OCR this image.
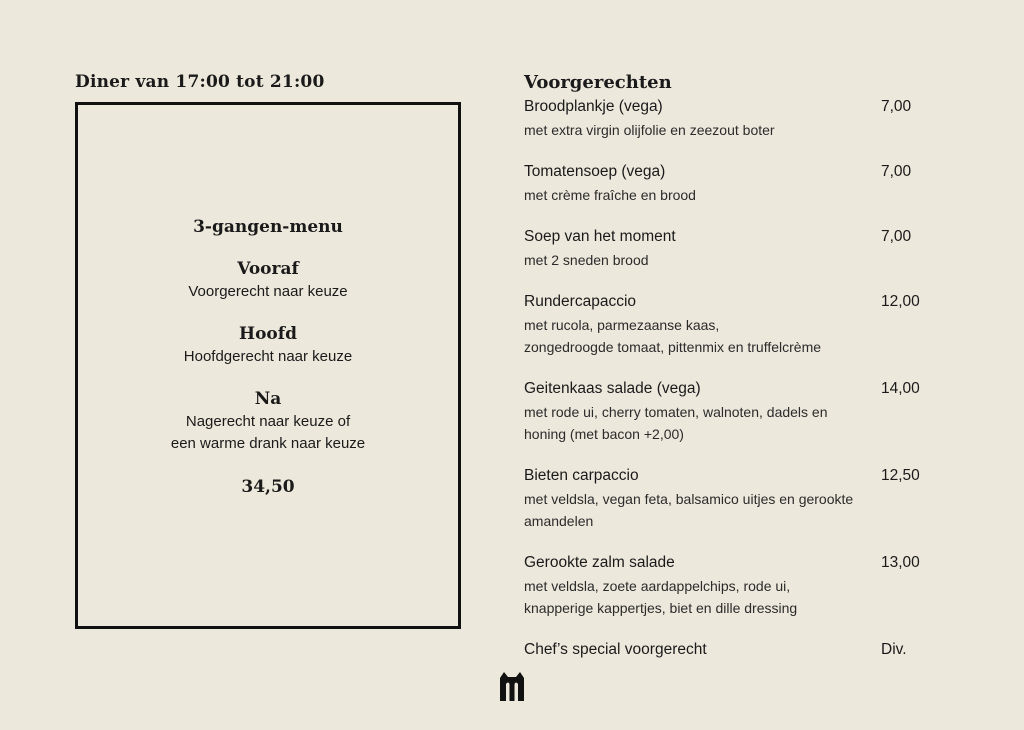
Diner van 17:00 tot 21:00
3-gangen-menu
Vooraf
Voorgerecht naar keuze
Hoofd
Hoofdgerecht naar keuze
Na
Nagerecht naar keuze of
een warme drank naar keuze
34,50
Voorgerechten
Broodplankje (vega)	7,00
met extra virgin olijfolie en zeezout boter
Tomatensoep (vega)	7,00
met crème fraîche en brood
Soep van het moment	7,00
met 2 sneden brood
Rundercapaccio	12,00
met rucola, parmezaanse kaas,
zongedroogde tomaat, pittenmix en truffelcrème
Geitenkaas salade (vega)	14,00
met rode ui, cherry tomaten, walnoten, dadels en
honing (met bacon +2,00)
Bieten carpaccio	12,50
met veldsla, vegan feta, balsamico uitjes en gerookte
amandelen
Gerookte zalm salade	13,00
met veldsla, zoete aardappelchips, rode ui,
knapperige kappertjes, biet en dille dressing
Chef’s special voorgerecht	Div.
